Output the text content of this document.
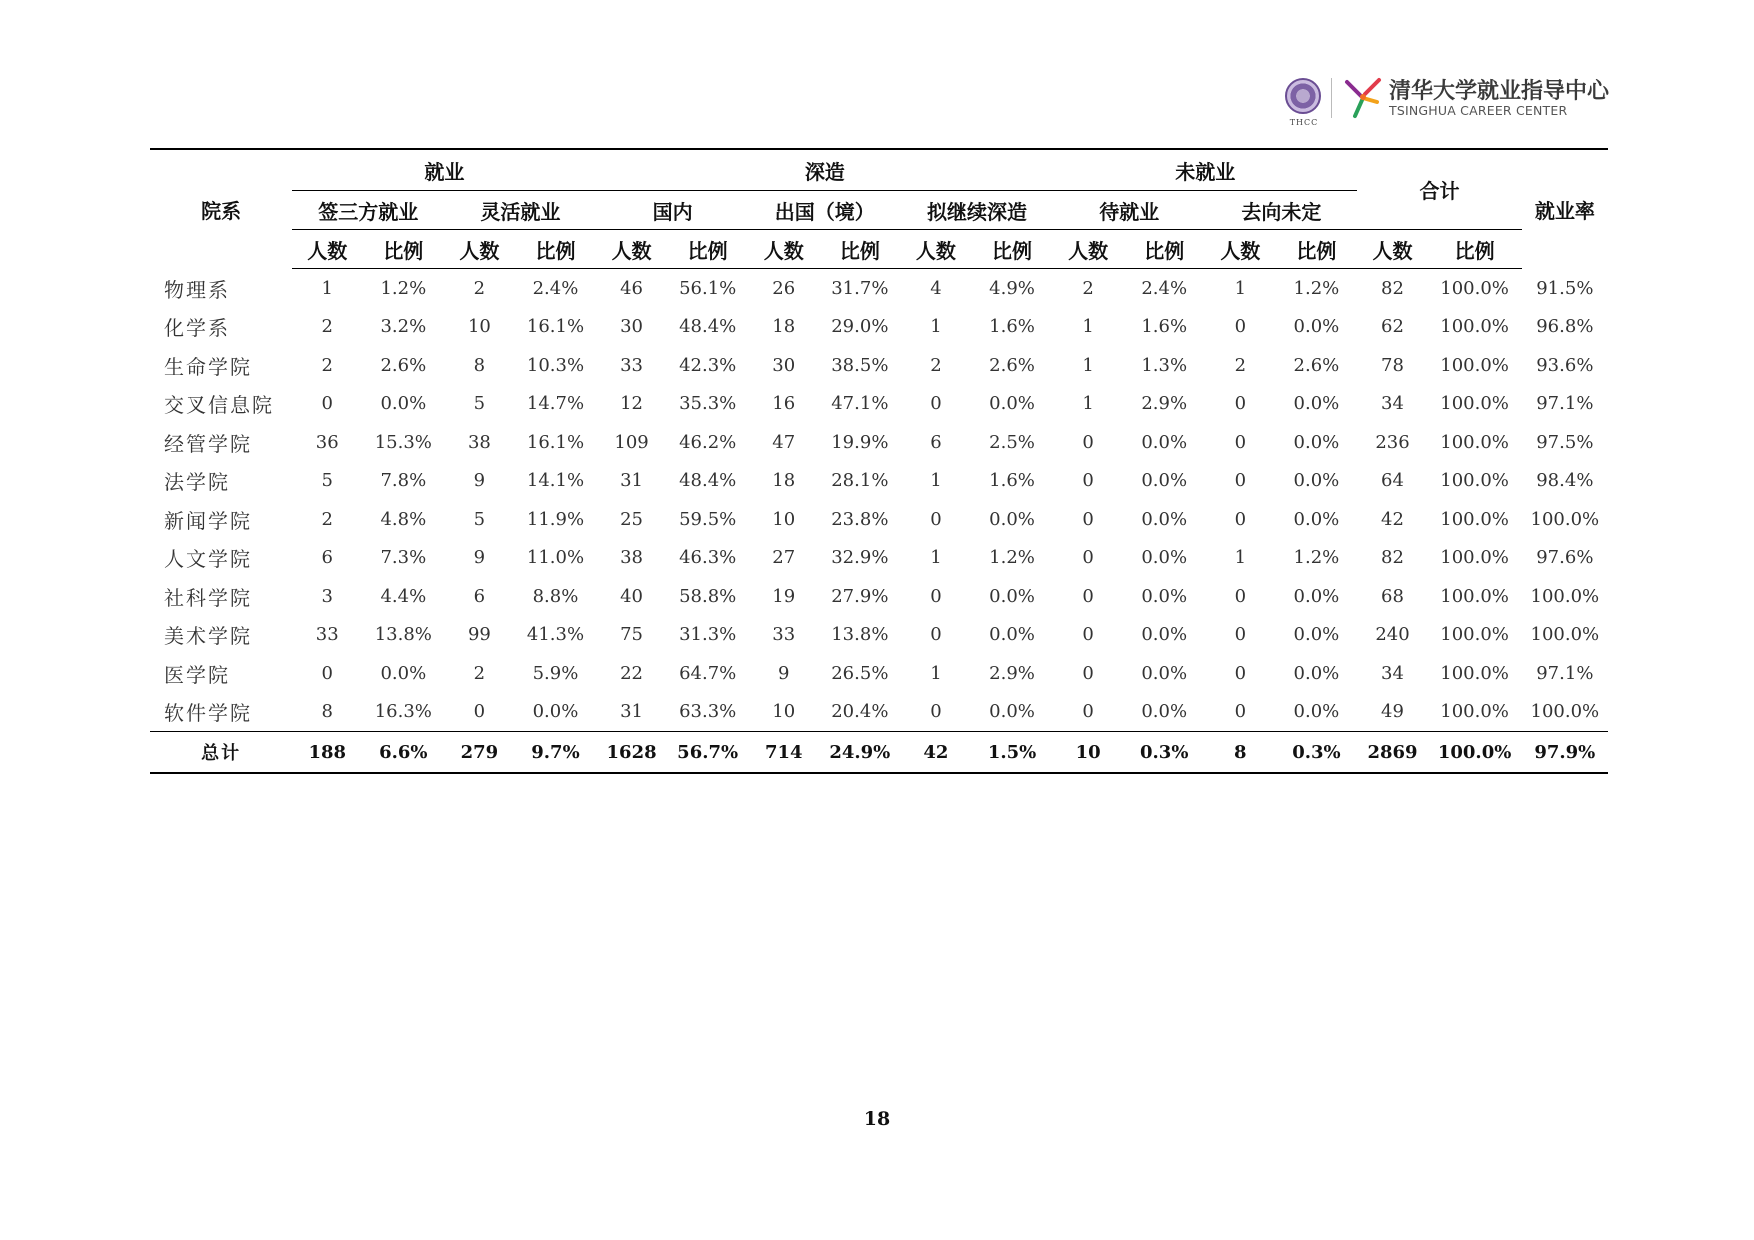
THCC
清华大学就业指导中心
TSINGHUA CAREER CENTER
院系	就业				深造						未就业				合计		就业率
	签三方就业		灵活就业		国内		出国（境）		拟继续深造		待就业		去向未定				
	人数	比例	人数	比例	人数	比例	人数	比例	人数	比例	人数	比例	人数	比例	人数	比例	
物理系	1	1.2%	2	2.4%	46	56.1%	26	31.7%	4	4.9%	2	2.4%	1	1.2%	82	100.0%	91.5%
化学系	2	3.2%	10	16.1%	30	48.4%	18	29.0%	1	1.6%	1	1.6%	0	0.0%	62	100.0%	96.8%
生命学院	2	2.6%	8	10.3%	33	42.3%	30	38.5%	2	2.6%	1	1.3%	2	2.6%	78	100.0%	93.6%
交叉信息院	0	0.0%	5	14.7%	12	35.3%	16	47.1%	0	0.0%	1	2.9%	0	0.0%	34	100.0%	97.1%
经管学院	36	15.3%	38	16.1%	109	46.2%	47	19.9%	6	2.5%	0	0.0%	0	0.0%	236	100.0%	97.5%
法学院	5	7.8%	9	14.1%	31	48.4%	18	28.1%	1	1.6%	0	0.0%	0	0.0%	64	100.0%	98.4%
新闻学院	2	4.8%	5	11.9%	25	59.5%	10	23.8%	0	0.0%	0	0.0%	0	0.0%	42	100.0%	100.0%
人文学院	6	7.3%	9	11.0%	38	46.3%	27	32.9%	1	1.2%	0	0.0%	1	1.2%	82	100.0%	97.6%
社科学院	3	4.4%	6	8.8%	40	58.8%	19	27.9%	0	0.0%	0	0.0%	0	0.0%	68	100.0%	100.0%
美术学院	33	13.8%	99	41.3%	75	31.3%	33	13.8%	0	0.0%	0	0.0%	0	0.0%	240	100.0%	100.0%
医学院	0	0.0%	2	5.9%	22	64.7%	9	26.5%	1	2.9%	0	0.0%	0	0.0%	34	100.0%	97.1%
软件学院	8	16.3%	0	0.0%	31	63.3%	10	20.4%	0	0.0%	0	0.0%	0	0.0%	49	100.0%	100.0%
总计	188	6.6%	279	9.7%	1628	56.7%	714	24.9%	42	1.5%	10	0.3%	8	0.3%	2869	100.0%	97.9%
18
